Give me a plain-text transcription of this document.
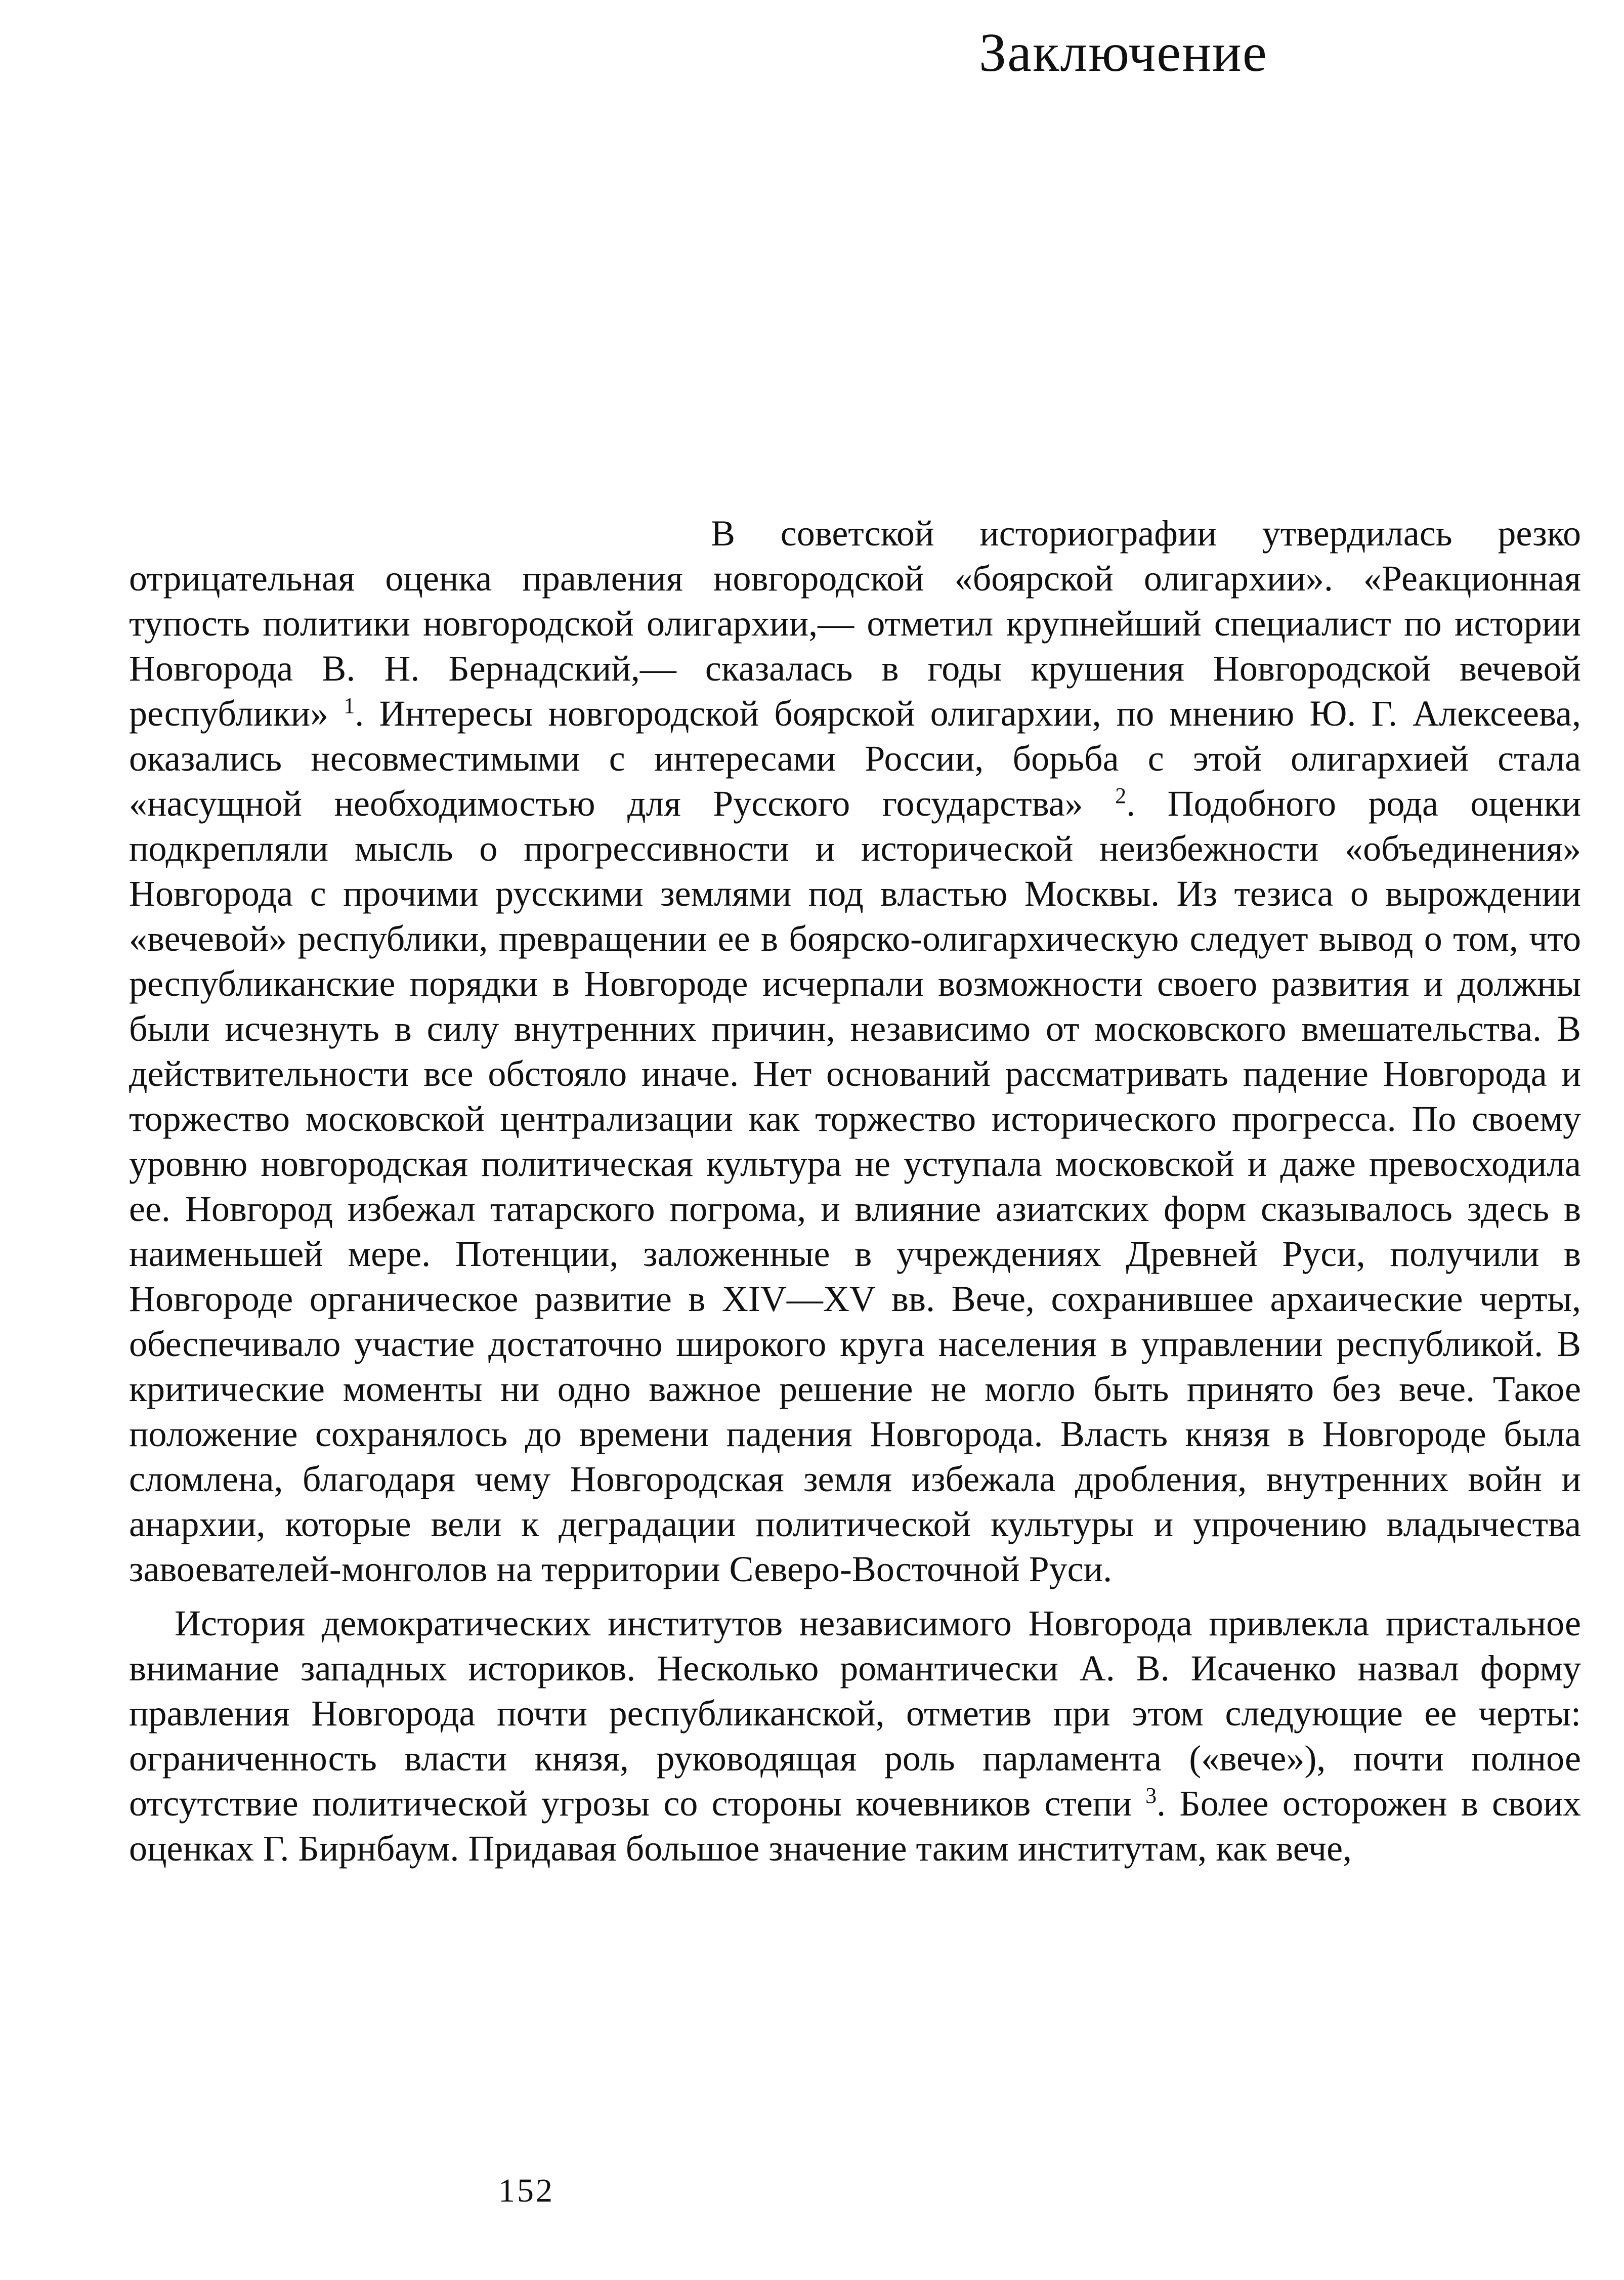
Заключение

В советской историографии утвердилась резко отрицательная оценка правления новгородской «боярской олигархии». «Реакционная тупость политики новгородской олигархии,— отметил крупнейший специалист по истории Новгорода В. Н. Бернадский,— сказалась в годы крушения Новгородской вечевой республики» $^1$. Интересы новгородской боярской олигархии, по мнению Ю. Г. Алексеева, оказались несовместимыми с интересами России, борьба с этой олигархией стала «насущной необходимостью для Русского государства» $^2$. Подобного рода оценки подкрепляли мысль о прогрессивности и исторической неизбежности «объединения» Новгорода с прочими русскими землями под властью Москвы. Из тезиса о вырождении «вечевой» республики, превращении ее в боярско-олигархическую следует вывод о том, что республиканские порядки в Новгороде исчерпали возможности своего развития и должны были исчезнуть в силу внутренних причин, независимо от московского вмешательства. В действительности все обстояло иначе. Нет оснований рассматривать падение Новгорода и торжество московской централизации как торжество исторического прогресса. По своему уровню новгородская политическая культура не уступала московской и даже превосходила ее. Новгород избежал татарского погрома, и влияние азиатских форм сказывалось здесь в наименьшей мере. Потенции, заложенные в учреждениях Древней Руси, получили в Новгороде органическое развитие в XIV—XV вв. Вече, сохранившее архаические черты, обеспечивало участие достаточно широкого круга населения в управлении республикой. В критические моменты ни одно важное решение не могло быть принято без вече. Такое положение сохранялось до времени падения Новгорода. Власть князя в Новгороде была сломлена, благодаря чему Новгородская земля избежала дробления, внутренних войн и анархии, которые вели к деградации политической культуры и упрочению владычества завоевателей-монголов на территории Северо-Восточной Руси.

История демократических институтов независимого Новгорода привлекла пристальное внимание западных историков. Несколько романтически А. В. Исаченко назвал форму правления Новгорода почти республиканской, отметив при этом следующие ее черты: ограниченность власти князя, руководящая роль парламента («вече»), почти полное отсутствие политической угрозы со стороны кочевников степи $^3$. Более осторожен в своих оценках Г. Бирнбаум. Придавая большое значение таким институтам, как вече,

152
